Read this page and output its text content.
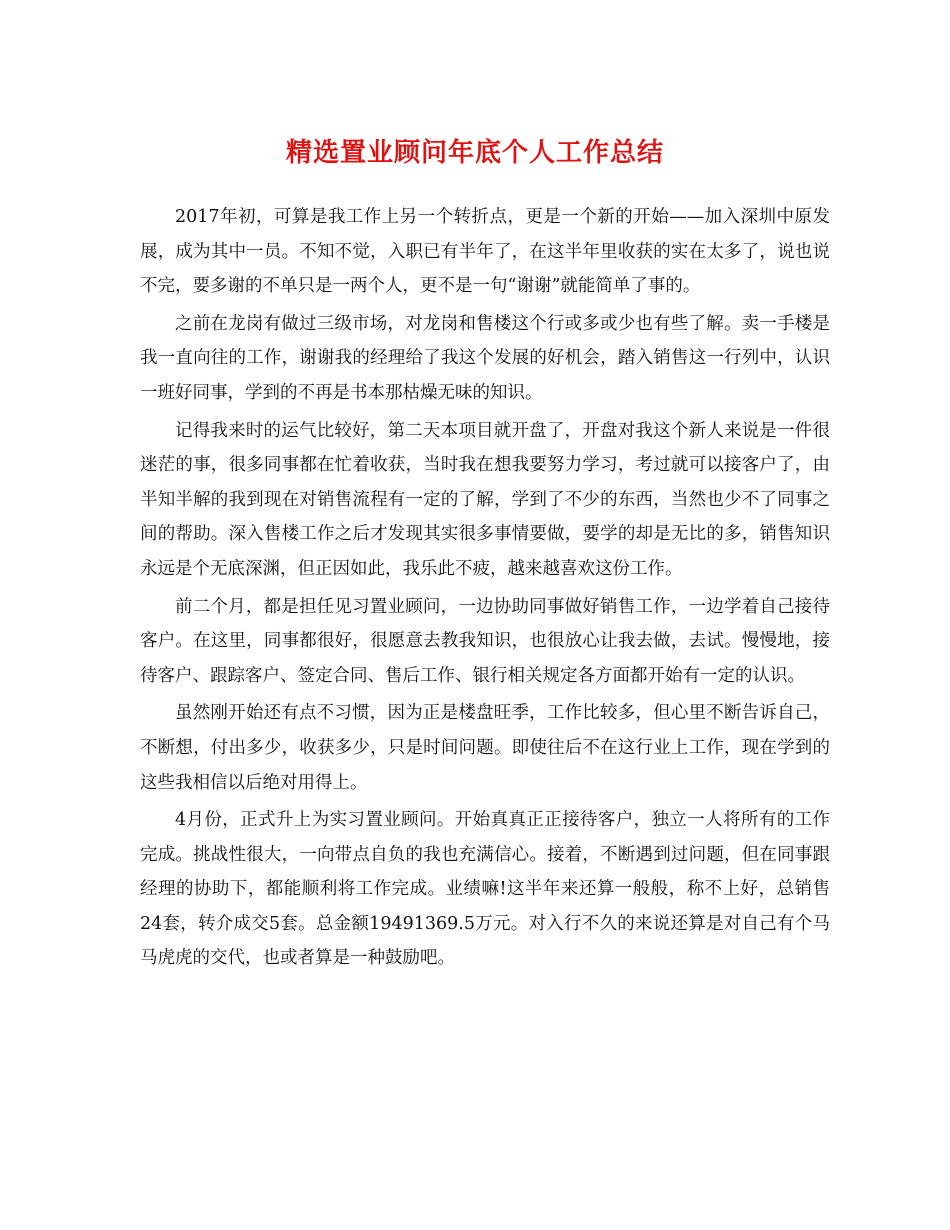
精选置业顾问年底个人工作总结

2017年初，可算是我工作上另一个转折点，更是一个新的开始——加入深圳中原发展，成为其中一员。不知不觉，入职已有半年了，在这半年里收获的实在太多了，说也说不完，要多谢的不单只是一两个人，更不是一句“谢谢”就能简单了事的。

之前在龙岗有做过三级市场，对龙岗和售楼这个行或多或少也有些了解。卖一手楼是我一直向往的工作，谢谢我的经理给了我这个发展的好机会，踏入销售这一行列中，认识一班好同事，学到的不再是书本那枯燥无味的知识。

记得我来时的运气比较好，第二天本项目就开盘了，开盘对我这个新人来说是一件很迷茫的事，很多同事都在忙着收获，当时我在想我要努力学习，考过就可以接客户了，由半知半解的我到现在对销售流程有一定的了解，学到了不少的东西，当然也少不了同事之间的帮助。深入售楼工作之后才发现其实很多事情要做，要学的却是无比的多，销售知识永远是个无底深渊，但正因如此，我乐此不疲，越来越喜欢这份工作。

前二个月，都是担任见习置业顾问，一边协助同事做好销售工作，一边学着自己接待客户。在这里，同事都很好，很愿意去教我知识，也很放心让我去做，去试。慢慢地，接待客户、跟踪客户、签定合同、售后工作、银行相关规定各方面都开始有一定的认识。

虽然刚开始还有点不习惯，因为正是楼盘旺季，工作比较多，但心里不断告诉自己，不断想，付出多少，收获多少，只是时间问题。即使往后不在这行业上工作，现在学到的这些我相信以后绝对用得上。

4月份，正式升上为实习置业顾问。开始真真正正接待客户，独立一人将所有的工作完成。挑战性很大，一向带点自负的我也充满信心。接着，不断遇到过问题，但在同事跟经理的协助下，都能顺利将工作完成。业绩嘛!这半年来还算一般般，称不上好，总销售24套，转介成交5套。总金额19491369.5万元。对入行不久的来说还算是对自己有个马马虎虎的交代，也或者算是一种鼓励吧。
